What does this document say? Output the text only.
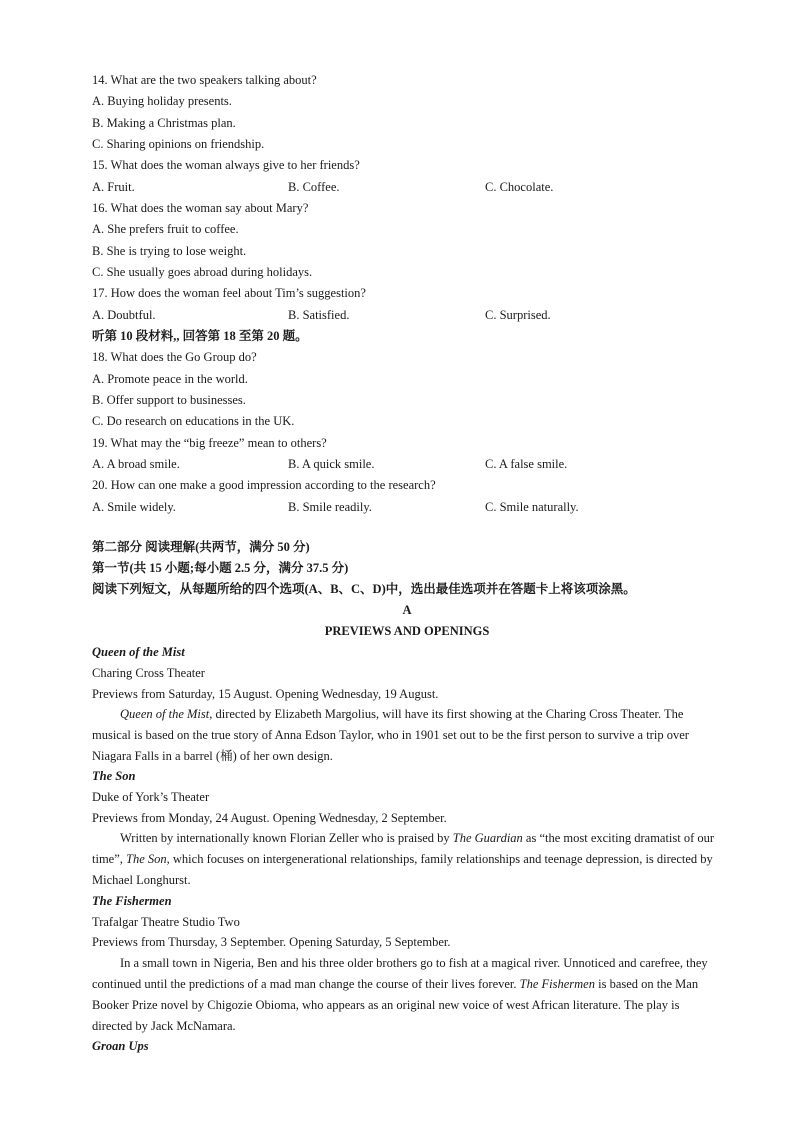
14. What are the two speakers talking about?
A. Buying holiday presents.
B. Making a Christmas plan.
C. Sharing opinions on friendship.
15. What does the woman always give to her friends?
A. Fruit.	B. Coffee.	C. Chocolate.
16. What does the woman say about Mary?
A. She prefers fruit to coffee.
B. She is trying to lose weight.
C. She usually goes abroad during holidays.
17. How does the woman feel about Tim’s suggestion?
A. Doubtful.	B. Satisfied.	C. Surprised.
听第 10 段材料,, 回答第 18 至第 20 题。
18. What does the Go Group do?
A. Promote peace in the world.
B. Offer support to businesses.
C. Do research on educations in the UK.
19. What may the “big freeze” mean to others?
A. A broad smile.	B. A quick smile.	C. A false smile.
20. How can one make a good impression according to the research?
A. Smile widely.	B. Smile readily.	C. Smile naturally.
第二部分 阅读理解(共两节，满分 50 分)
第一节(共 15 小题;每小题 2.5 分，满分 37.5 分)
阅读下列短文，从每题所给的四个选项(A、B、C、D)中，选出最佳选项并在答题卡上将该项涂黑。
A
PREVIEWS AND OPENINGS
Queen of the Mist
Charing Cross Theater
Previews from Saturday, 15 August. Opening Wednesday, 19 August.
Queen of the Mist, directed by Elizabeth Margolius, will have its first showing at the Charing Cross Theater. The musical is based on the true story of Anna Edson Taylor, who in 1901 set out to be the first person to survive a trip over Niagara Falls in a barrel (桶) of her own design.
The Son
Duke of York’s Theater
Previews from Monday, 24 August. Opening Wednesday, 2 September.
Written by internationally known Florian Zeller who is praised by The Guardian as “the most exciting dramatist of our time”, The Son, which focuses on intergenerational relationships, family relationships and teenage depression, is directed by Michael Longhurst.
The Fishermen
Trafalgar Theatre Studio Two
Previews from Thursday, 3 September. Opening Saturday, 5 September.
In a small town in Nigeria, Ben and his three older brothers go to fish at a magical river. Unnoticed and carefree, they continued until the predictions of a mad man change the course of their lives forever. The Fishermen is based on the Man Booker Prize novel by Chigozie Obioma, who appears as an original new voice of west African literature. The play is directed by Jack McNamara.
Groan Ups
